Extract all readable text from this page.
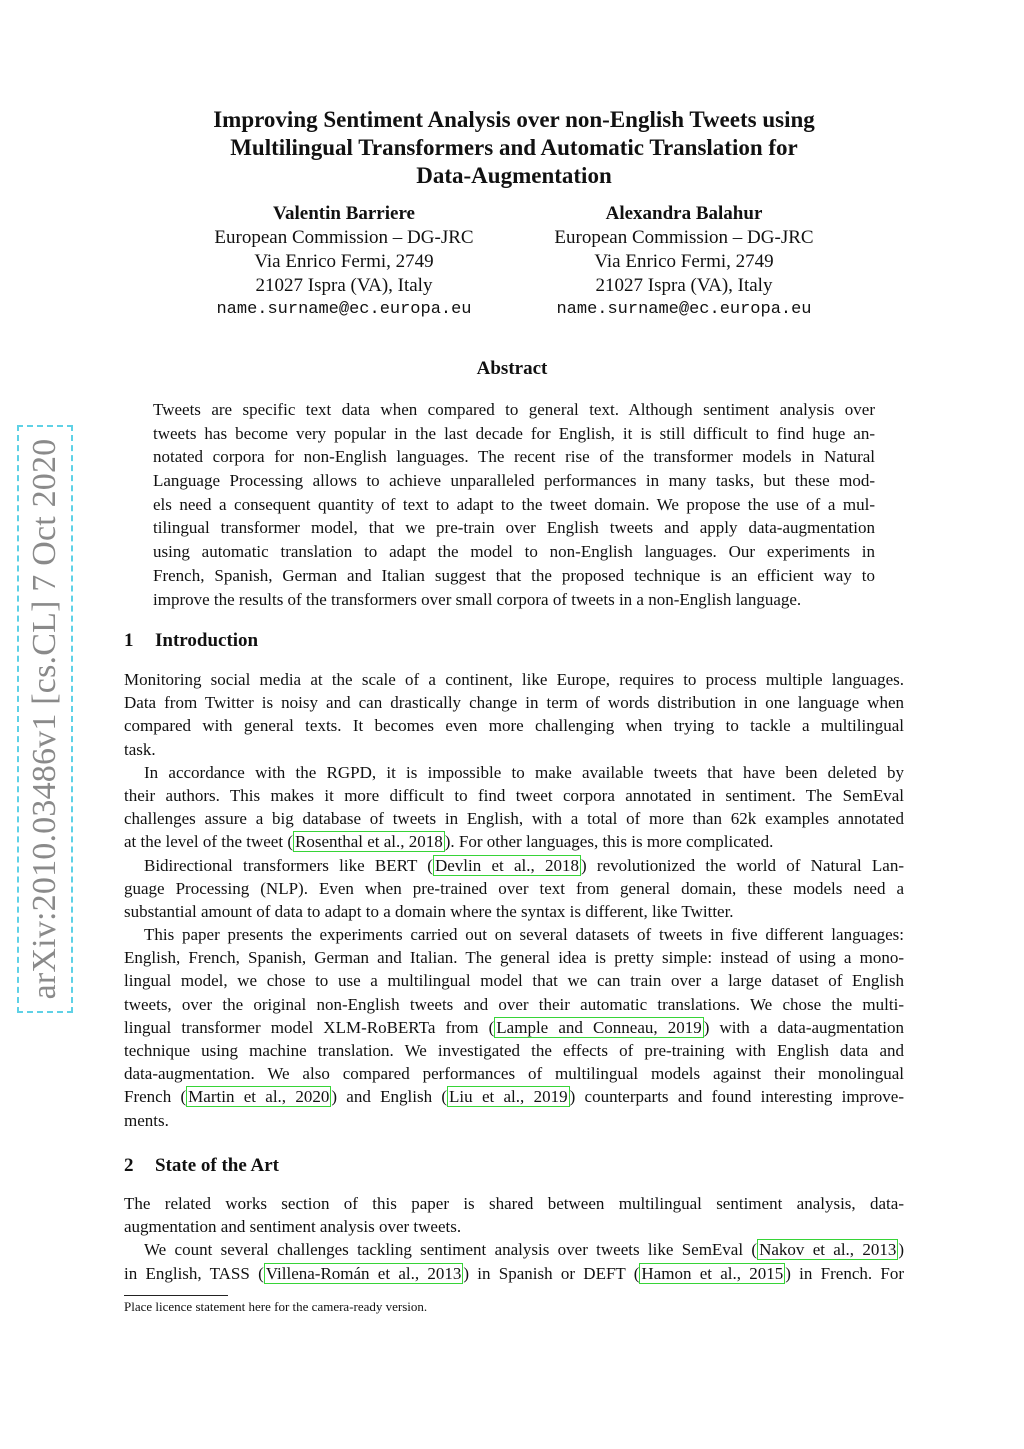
arXiv:2010.03486v1 [cs.CL] 7 Oct 2020
Improving Sentiment Analysis over non-English Tweets using
Multilingual Transformers and Automatic Translation for
Data-Augmentation
Valentin Barriere
European Commission – DG-JRC
Via Enrico Fermi, 2749
21027 Ispra (VA), Italy
name.surname@ec.europa.eu
Alexandra Balahur
European Commission – DG-JRC
Via Enrico Fermi, 2749
21027 Ispra (VA), Italy
name.surname@ec.europa.eu
Abstract
Tweets are specific text data when compared to general text. Although sentiment analysis over
tweets has become very popular in the last decade for English, it is still difficult to find huge an-
notated corpora for non-English languages. The recent rise of the transformer models in Natural
Language Processing allows to achieve unparalleled performances in many tasks, but these mod-
els need a consequent quantity of text to adapt to the tweet domain. We propose the use of a mul-
tilingual transformer model, that we pre-train over English tweets and apply data-augmentation
using automatic translation to adapt the model to non-English languages. Our experiments in
French, Spanish, German and Italian suggest that the proposed technique is an efficient way to
improve the results of the transformers over small corpora of tweets in a non-English language.
1 Introduction
Monitoring social media at the scale of a continent, like Europe, requires to process multiple languages.
Data from Twitter is noisy and can drastically change in term of words distribution in one language when
compared with general texts. It becomes even more challenging when trying to tackle a multilingual
task.
In accordance with the RGPD, it is impossible to make available tweets that have been deleted by
their authors. This makes it more difficult to find tweet corpora annotated in sentiment. The SemEval
challenges assure a big database of tweets in English, with a total of more than 62k examples annotated
at the level of the tweet ( Rosenthal et al., 2018 ). For other languages, this is more complicated.
Bidirectional transformers like BERT ( Devlin et al., 2018 ) revolutionized the world of Natural Lan-
guage Processing (NLP). Even when pre-trained over text from general domain, these models need a
substantial amount of data to adapt to a domain where the syntax is different, like Twitter.
This paper presents the experiments carried out on several datasets of tweets in five different languages:
English, French, Spanish, German and Italian. The general idea is pretty simple: instead of using a mono-
lingual model, we chose to use a multilingual model that we can train over a large dataset of English
tweets, over the original non-English tweets and over their automatic translations. We chose the multi-
lingual transformer model XLM-RoBERTa from ( Lample and Conneau, 2019 ) with a data-augmentation
technique using machine translation. We investigated the effects of pre-training with English data and
data-augmentation. We also compared performances of multilingual models against their monolingual
French ( Martin et al., 2020 ) and English ( Liu et al., 2019 ) counterparts and found interesting improve-
ments.
2 State of the Art
The related works section of this paper is shared between multilingual sentiment analysis, data-
augmentation and sentiment analysis over tweets.
We count several challenges tackling sentiment analysis over tweets like SemEval ( Nakov et al., 2013 )
in English, TASS ( Villena-Román et al., 2013 ) in Spanish or DEFT ( Hamon et al., 2015 ) in French. For
Place licence statement here for the camera-ready version.
